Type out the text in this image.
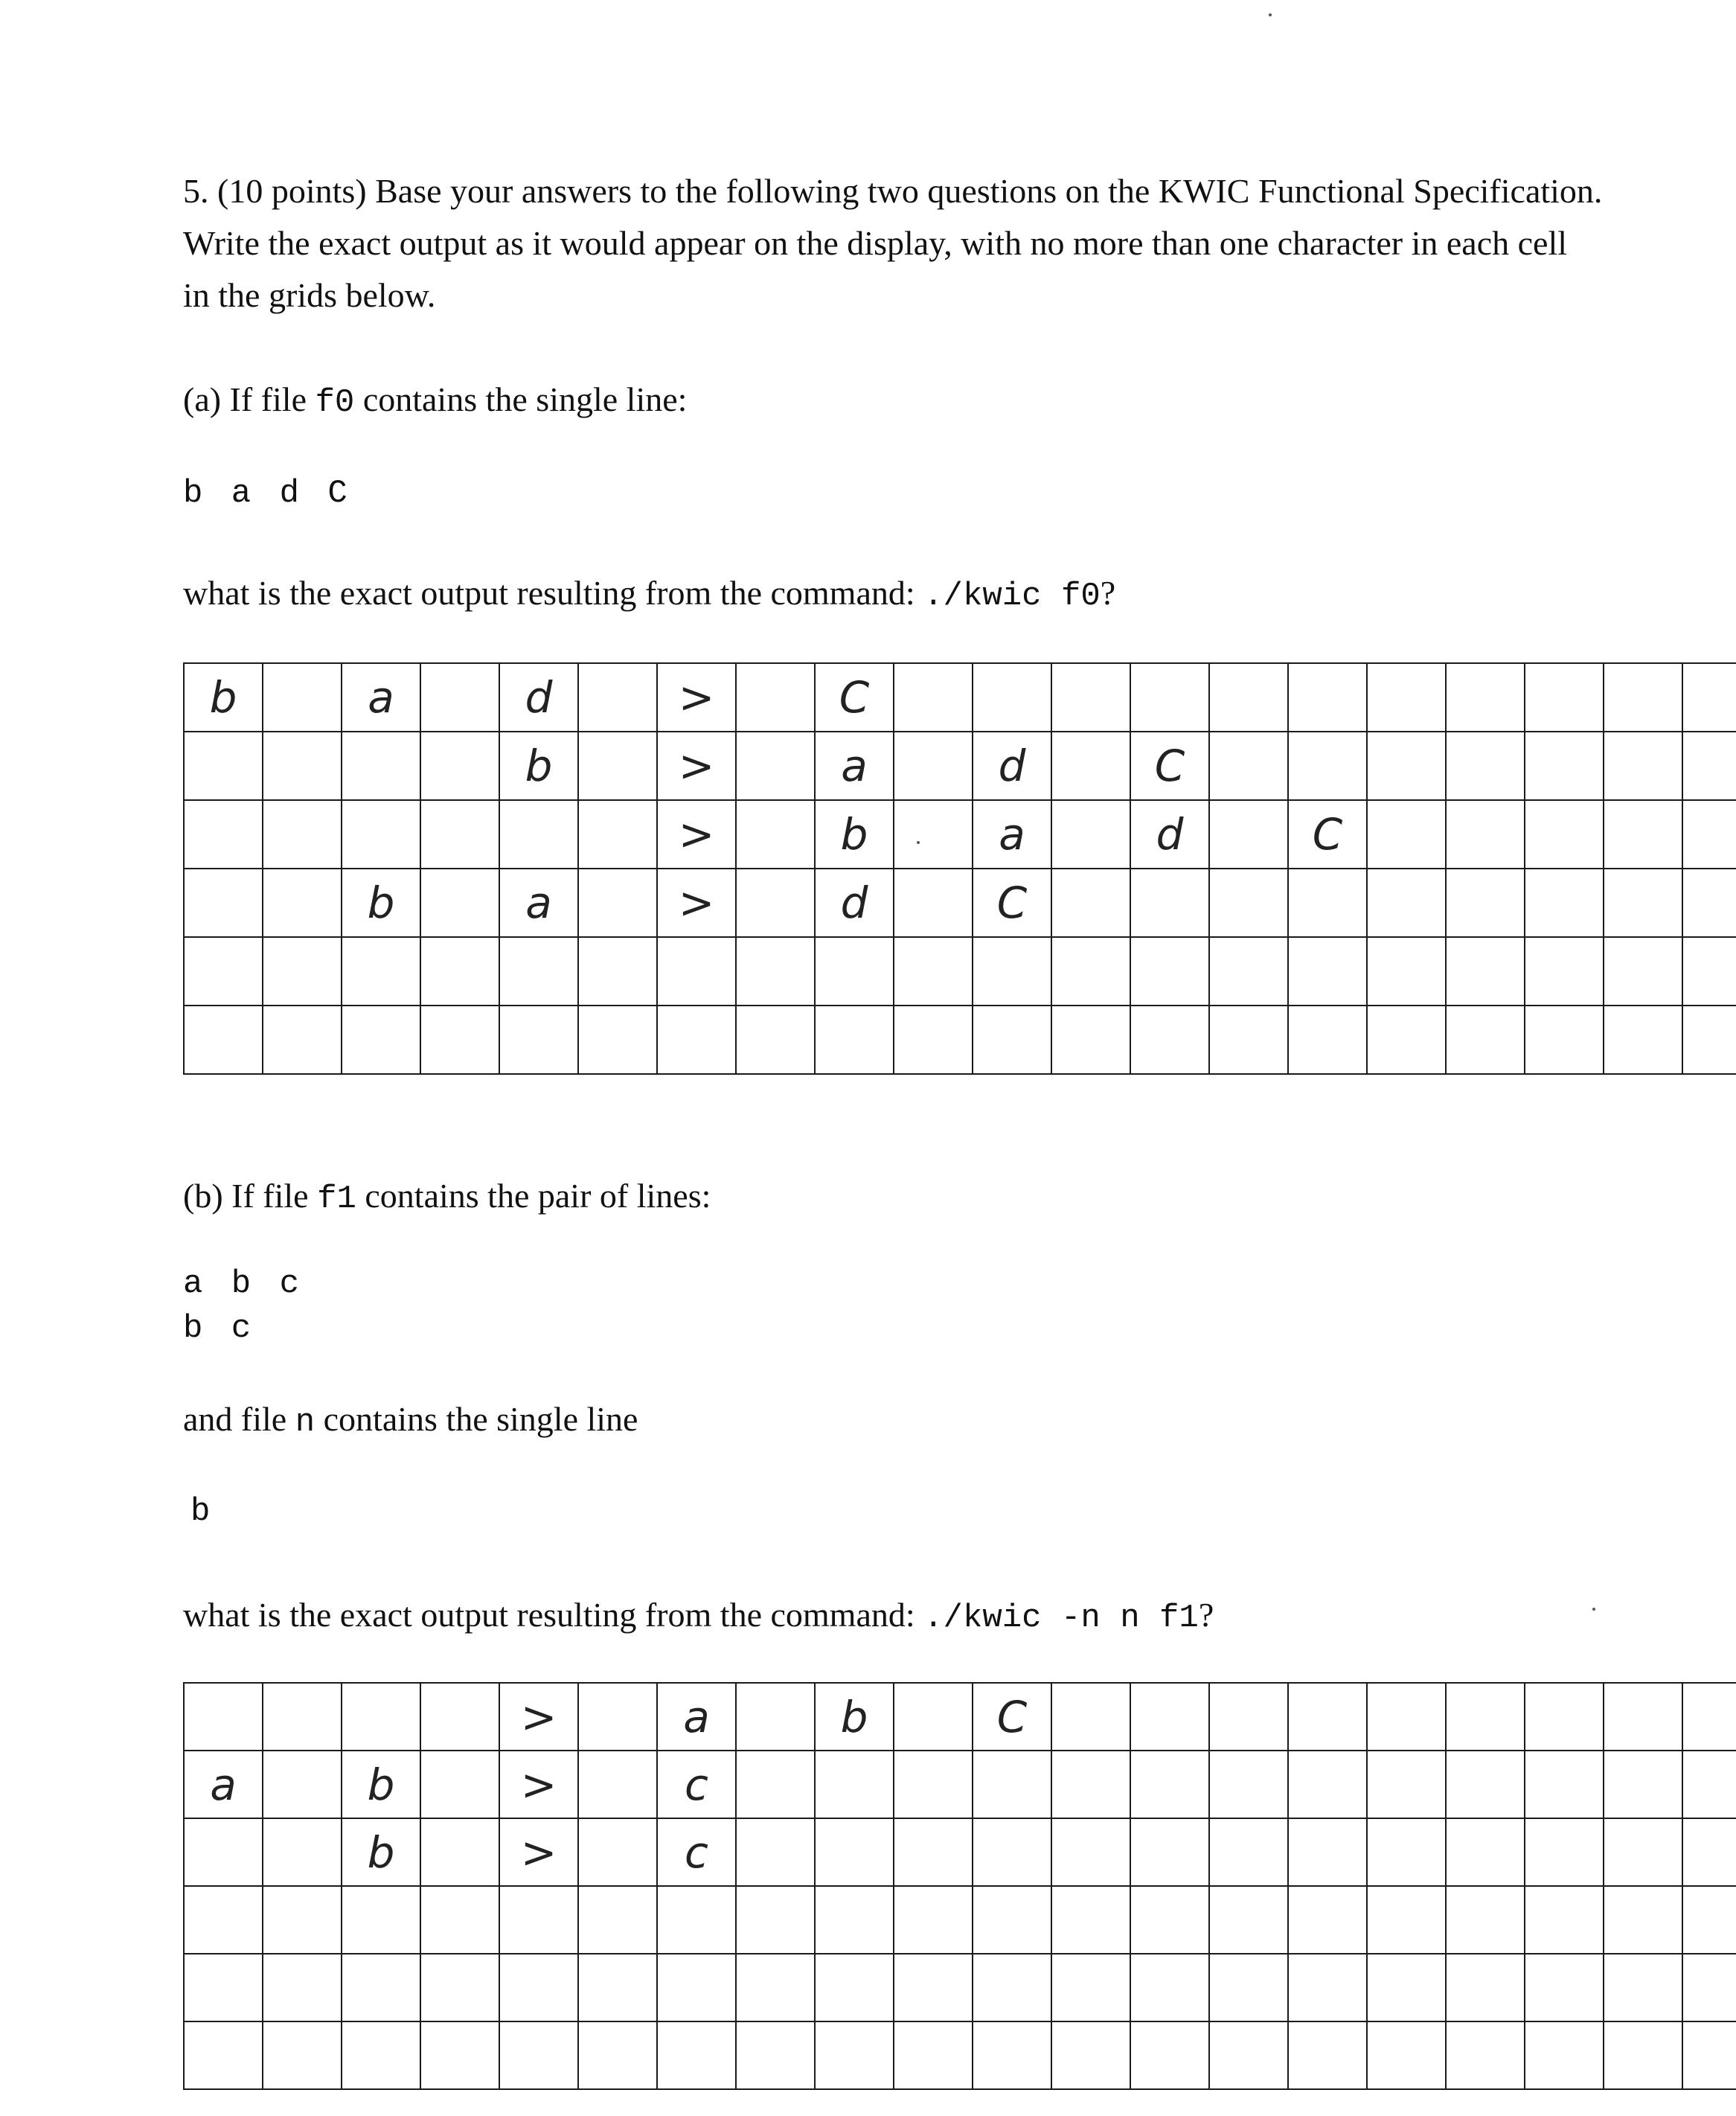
5. (10 points) Base your answers to the following two questions on the KWIC Functional Specification.

Write the exact output as it would appear on the display, with no more than one character in each cell

in the grids below.

(a) If file f0 contains the single line:
b a d C
what is the exact output resulting from the command: ./kwic f0?
b		a		d		>		C											
				b		>		a		d		C							
						>		b		a		d		C					
		b		a		>		d		C									

(b) If file f1 contains the pair of lines:
a b c
b c
and file n contains the single line
b
what is the exact output resulting from the command: ./kwic -n n f1?
				>		a		b		C									
a		b		>		c													
		b		>		c													
